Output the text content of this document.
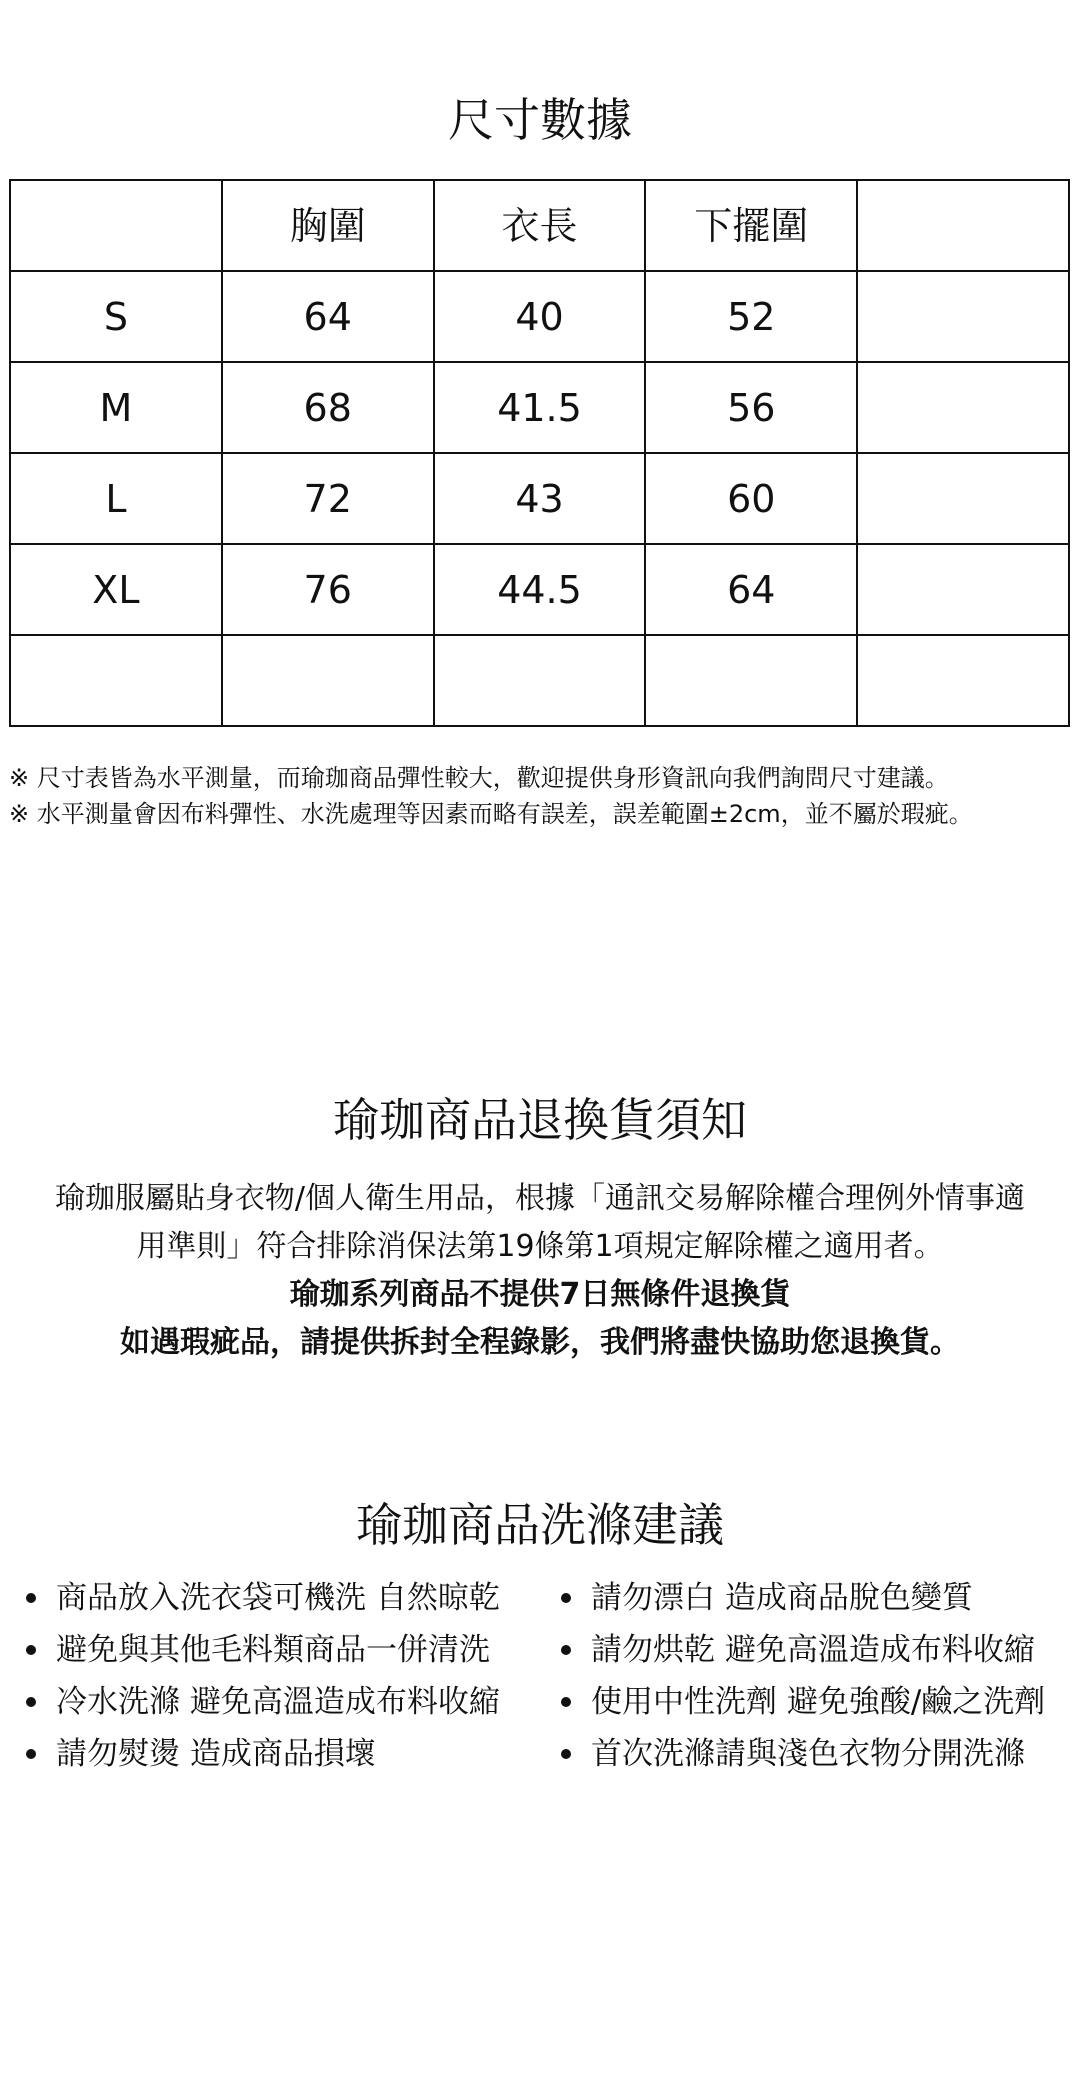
尺寸數據
	胸圍	衣長	下擺圍	
S	64	40	52	
M	68	41.5	56	
L	72	43	60	
XL	76	44.5	64	

※ 尺寸表皆為水平測量，而瑜珈商品彈性較大，歡迎提供身形資訊向我們詢問尺寸建議。
※ 水平測量會因布料彈性、水洗處理等因素而略有誤差，誤差範圍±2cm，並不屬於瑕疵。
瑜珈商品退換貨須知

瑜珈服屬貼身衣物/個人衛生用品，根據「通訊交易解除權合理例外情事適

用準則」符合排除消保法第19條第1項規定解除權之適用者。

瑜珈系列商品不提供7日無條件退換貨

如遇瑕疵品，請提供拆封全程錄影，我們將盡快協助您退換貨。

瑜珈商品洗滌建議
商品放入洗衣袋可機洗 自然晾乾
避免與其他毛料類商品一併清洗
冷水洗滌 避免高溫造成布料收縮
請勿熨燙 造成商品損壞
請勿漂白 造成商品脫色變質
請勿烘乾 避免高溫造成布料收縮
使用中性洗劑 避免強酸/鹼之洗劑
首次洗滌請與淺色衣物分開洗滌
